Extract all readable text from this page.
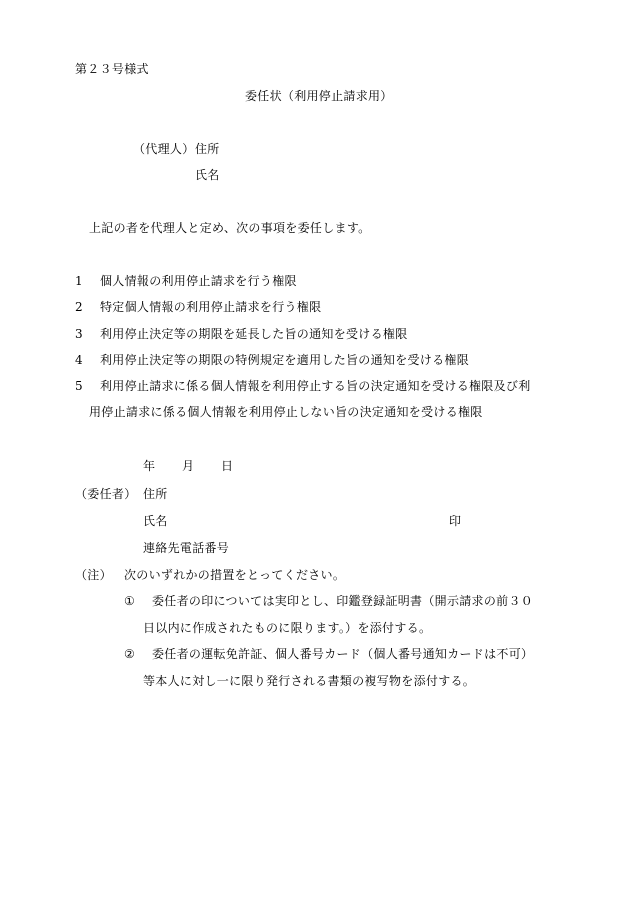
第２３号様式
委任状（利用停止請求用）
（代理人） 住所
氏名
上記の者を代理人と定め、次の事項を委任します。
1 個人情報の利用停止請求を行う権限
2 特定個人情報の利用停止請求を行う権限
3 利用停止決定等の期限を延長した旨の通知を受ける権限
4 利用停止決定等の期限の特例規定を適用した旨の通知を受ける権限
5 利用停止請求に係る個人情報を利用停止する旨の決定通知を受ける権限及び利
用停止請求に係る個人情報を利用停止しない旨の決定通知を受ける権限
年 月 日
（委任者） 住所
氏名	印
連絡先電話番号
（注） 次のいずれかの措置をとってください。
① 委任者の印については実印とし、印鑑登録証明書（開示請求の前３０
日以内に作成されたものに限ります。）を添付する。
② 委任者の運転免許証、個人番号カード（個人番号通知カードは不可）
等本人に対し一に限り発行される書類の複写物を添付する。
